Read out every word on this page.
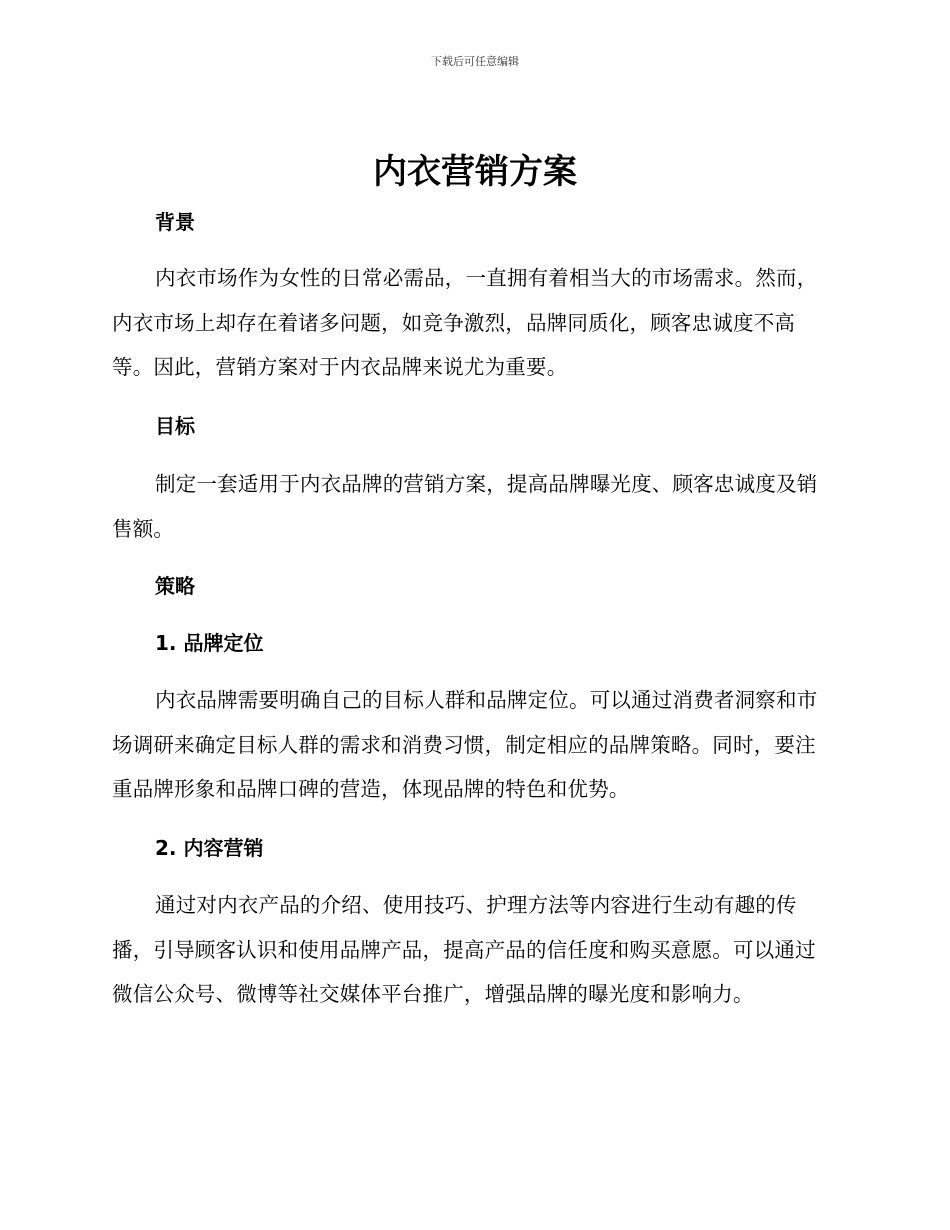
下载后可任意编辑
内衣营销方案
背景

内衣市场作为女性的日常必需品，一直拥有着相当大的市场需求。然而，内衣市场上却存在着诸多问题，如竞争激烈，品牌同质化，顾客忠诚度不高等。因此，营销方案对于内衣品牌来说尤为重要。

目标

制定一套适用于内衣品牌的营销方案，提高品牌曝光度、顾客忠诚度及销售额。

策略
1. 品牌定位

内衣品牌需要明确自己的目标人群和品牌定位。可以通过消费者洞察和市场调研来确定目标人群的需求和消费习惯，制定相应的品牌策略。同时，要注重品牌形象和品牌口碑的营造，体现品牌的特色和优势。

2. 内容营销

通过对内衣产品的介绍、使用技巧、护理方法等内容进行生动有趣的传播，引导顾客认识和使用品牌产品，提高产品的信任度和购买意愿。可以通过微信公众号、微博等社交媒体平台推广，增强品牌的曝光度和影响力。
